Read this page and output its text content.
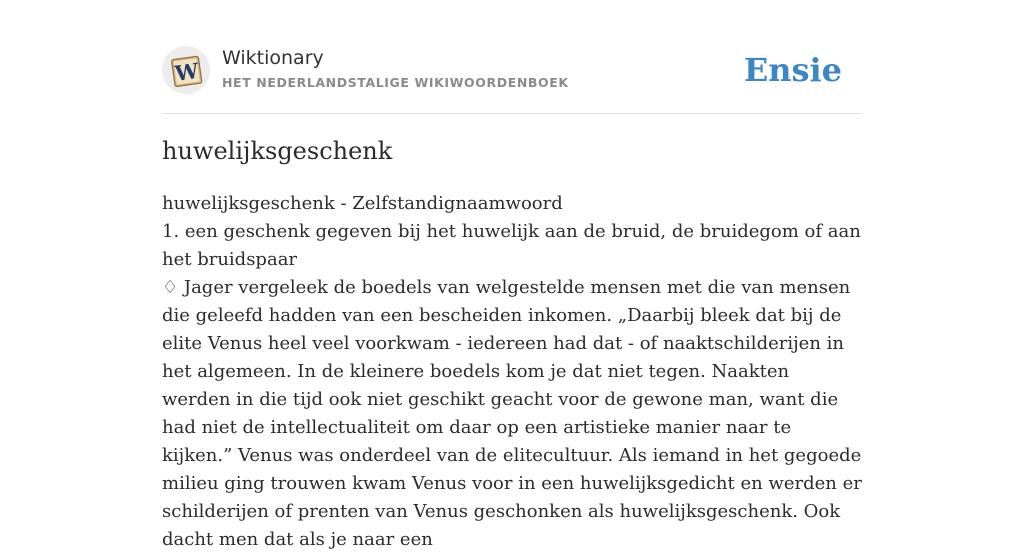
W Wiktionary
HET NEDERLANDSTALIGE WIKIWOORDENBOEK	Ensie
huwelijksgeschenk

huwelijksgeschenk - Zelfstandignaamwoord

1. een geschenk gegeven bij het huwelijk aan de bruid, de bruidegom of aan het bruidspaar

♢ Jager vergeleek de boedels van welgestelde mensen met die van mensen die geleefd hadden van een bescheiden inkomen. „Daarbij bleek dat bij de elite Venus heel veel voorkwam - iedereen had dat - of naaktschilderijen in het algemeen. In de kleinere boedels kom je dat niet tegen. Naakten werden in die tijd ook niet geschikt geacht voor de gewone man, want die had niet de intellectualiteit om daar op een artistieke manier naar te kijken.” Venus was onderdeel van de elitecultuur. Als iemand in het gegoede milieu ging trouwen kwam Venus voor in een huwelijksgedicht en werden er schilderijen of prenten van Venus geschonken als huwelijksgeschenk. Ook dacht men dat als je naar een
